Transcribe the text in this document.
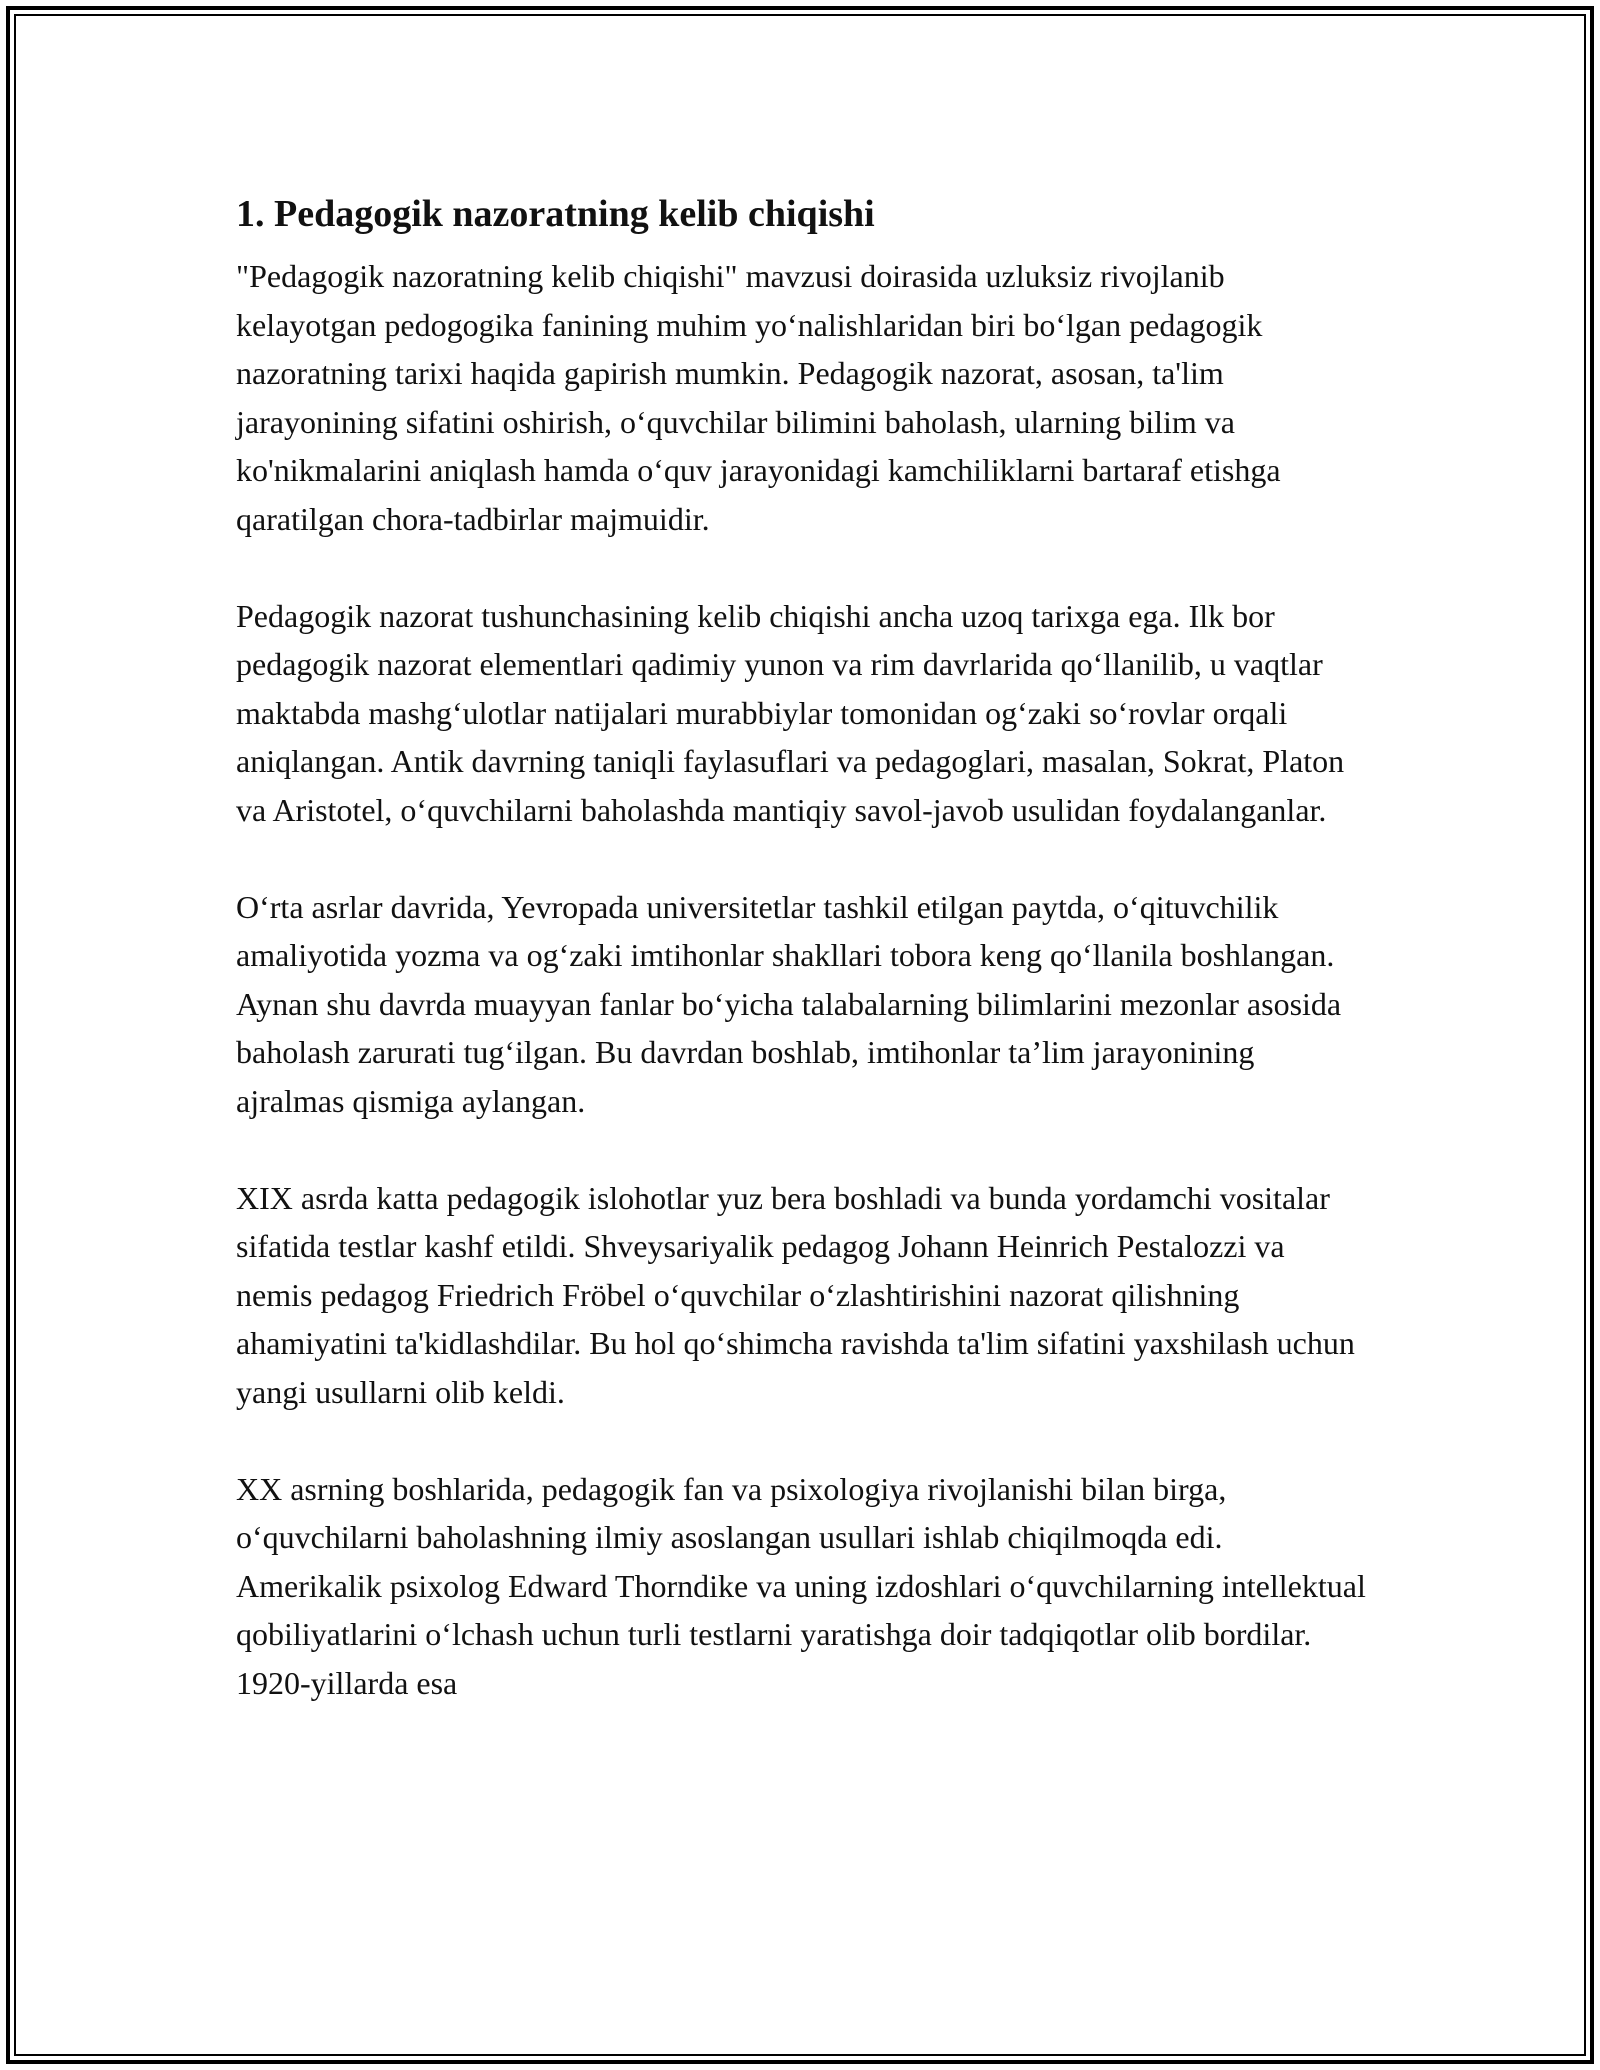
1. Pedagogik nazoratning kelib chiqishi

"Pedagogik nazoratning kelib chiqishi" mavzusi doirasida uzluksiz rivojlanib kelayotgan pedogogika fanining muhim yo‘nalishlaridan biri bo‘lgan pedagogik nazoratning tarixi haqida gapirish mumkin. Pedagogik nazorat, asosan, ta'lim jarayonining sifatini oshirish, o‘quvchilar bilimini baholash, ularning bilim va ko'nikmalarini aniqlash hamda o‘quv jarayonidagi kamchiliklarni bartaraf etishga qaratilgan chora-tadbirlar majmuidir.

Pedagogik nazorat tushunchasining kelib chiqishi ancha uzoq tarixga ega. Ilk bor pedagogik nazorat elementlari qadimiy yunon va rim davrlarida qo‘llanilib, u vaqtlar maktabda mashg‘ulotlar natijalari murabbiylar tomonidan og‘zaki so‘rovlar orqali aniqlangan. Antik davrning taniqli faylasuflari va pedagoglari, masalan, Sokrat, Platon va Aristotel, o‘quvchilarni baholashda mantiqiy savol-javob usulidan foydalanganlar.

O‘rta asrlar davrida, Yevropada universitetlar tashkil etilgan paytda, o‘qituvchilik amaliyotida yozma va og‘zaki imtihonlar shakllari tobora keng qo‘llanila boshlangan. Aynan shu davrda muayyan fanlar bo‘yicha talabalarning bilimlarini mezonlar asosida baholash zarurati tug‘ilgan. Bu davrdan boshlab, imtihonlar ta’lim jarayonining ajralmas qismiga aylangan.

XIX asrda katta pedagogik islohotlar yuz bera boshladi va bunda yordamchi vositalar sifatida testlar kashf etildi. Shveysariyalik pedagog Johann Heinrich Pestalozzi va nemis pedagog Friedrich Fröbel o‘quvchilar o‘zlashtirishini nazorat qilishning ahamiyatini ta'kidlashdilar. Bu hol qo‘shimcha ravishda ta'lim sifatini yaxshilash uchun yangi usullarni olib keldi.

XX asrning boshlarida, pedagogik fan va psixologiya rivojlanishi bilan birga, o‘quvchilarni baholashning ilmiy asoslangan usullari ishlab chiqilmoqda edi. Amerikalik psixolog Edward Thorndike va uning izdoshlari o‘quvchilarning intellektual qobiliyatlarini o‘lchash uchun turli testlarni yaratishga doir tadqiqotlar olib bordilar. 1920-yillarda esa
